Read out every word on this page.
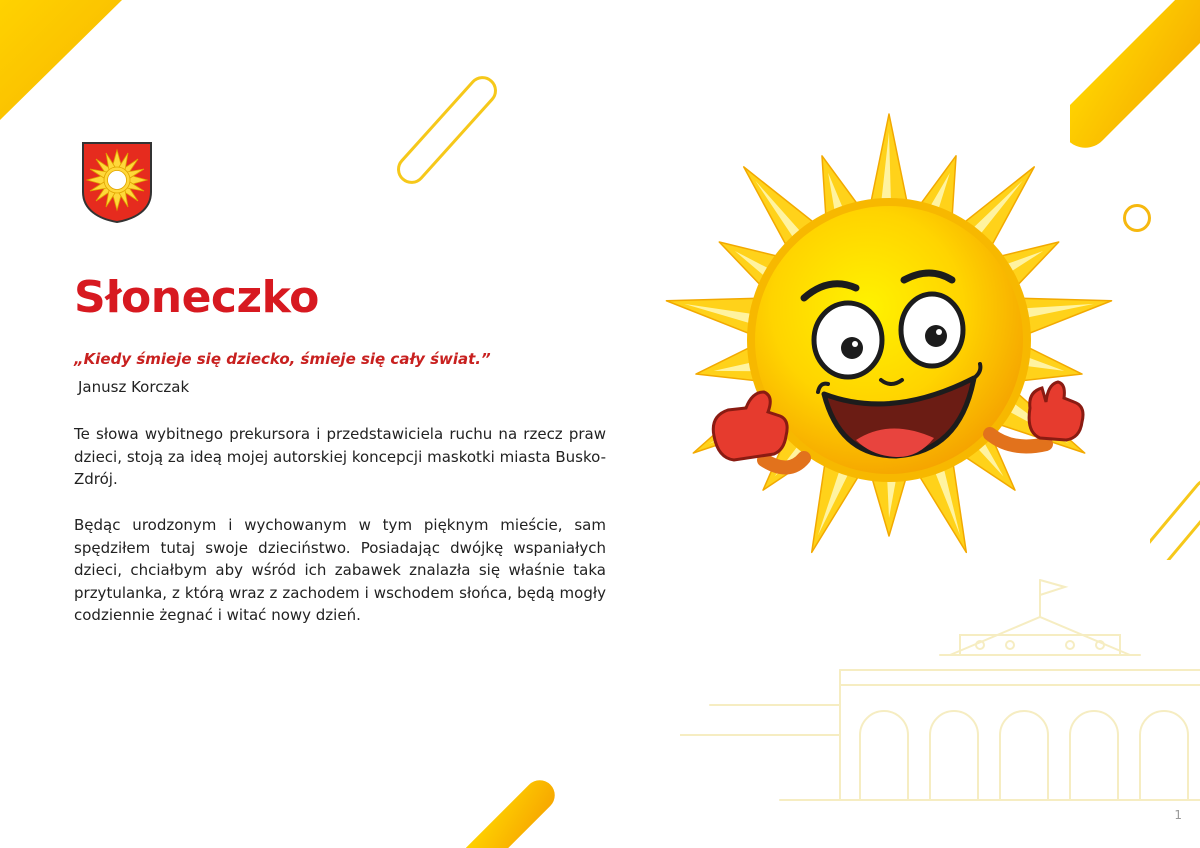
Słoneczko

„Kiedy śmieje się dziecko, śmieje się cały świat.”

Janusz Korczak

Te słowa wybitnego prekursora i przedstawiciela ruchu na rzecz praw dzieci, stoją za ideą mojej autorskiej koncepcji maskotki miasta Busko-Zdrój.

Będąc urodzonym i wychowanym w tym pięknym mieście, sam spędziłem tutaj swoje dzieciństwo. Posiadając dwójkę wspaniałych dzieci, chciałbym aby wśród ich zabawek znalazła się właśnie taka przytulanka, z którą wraz z zachodem i wschodem słońca, będą mogły codziennie żegnać i witać nowy dzień.

1
